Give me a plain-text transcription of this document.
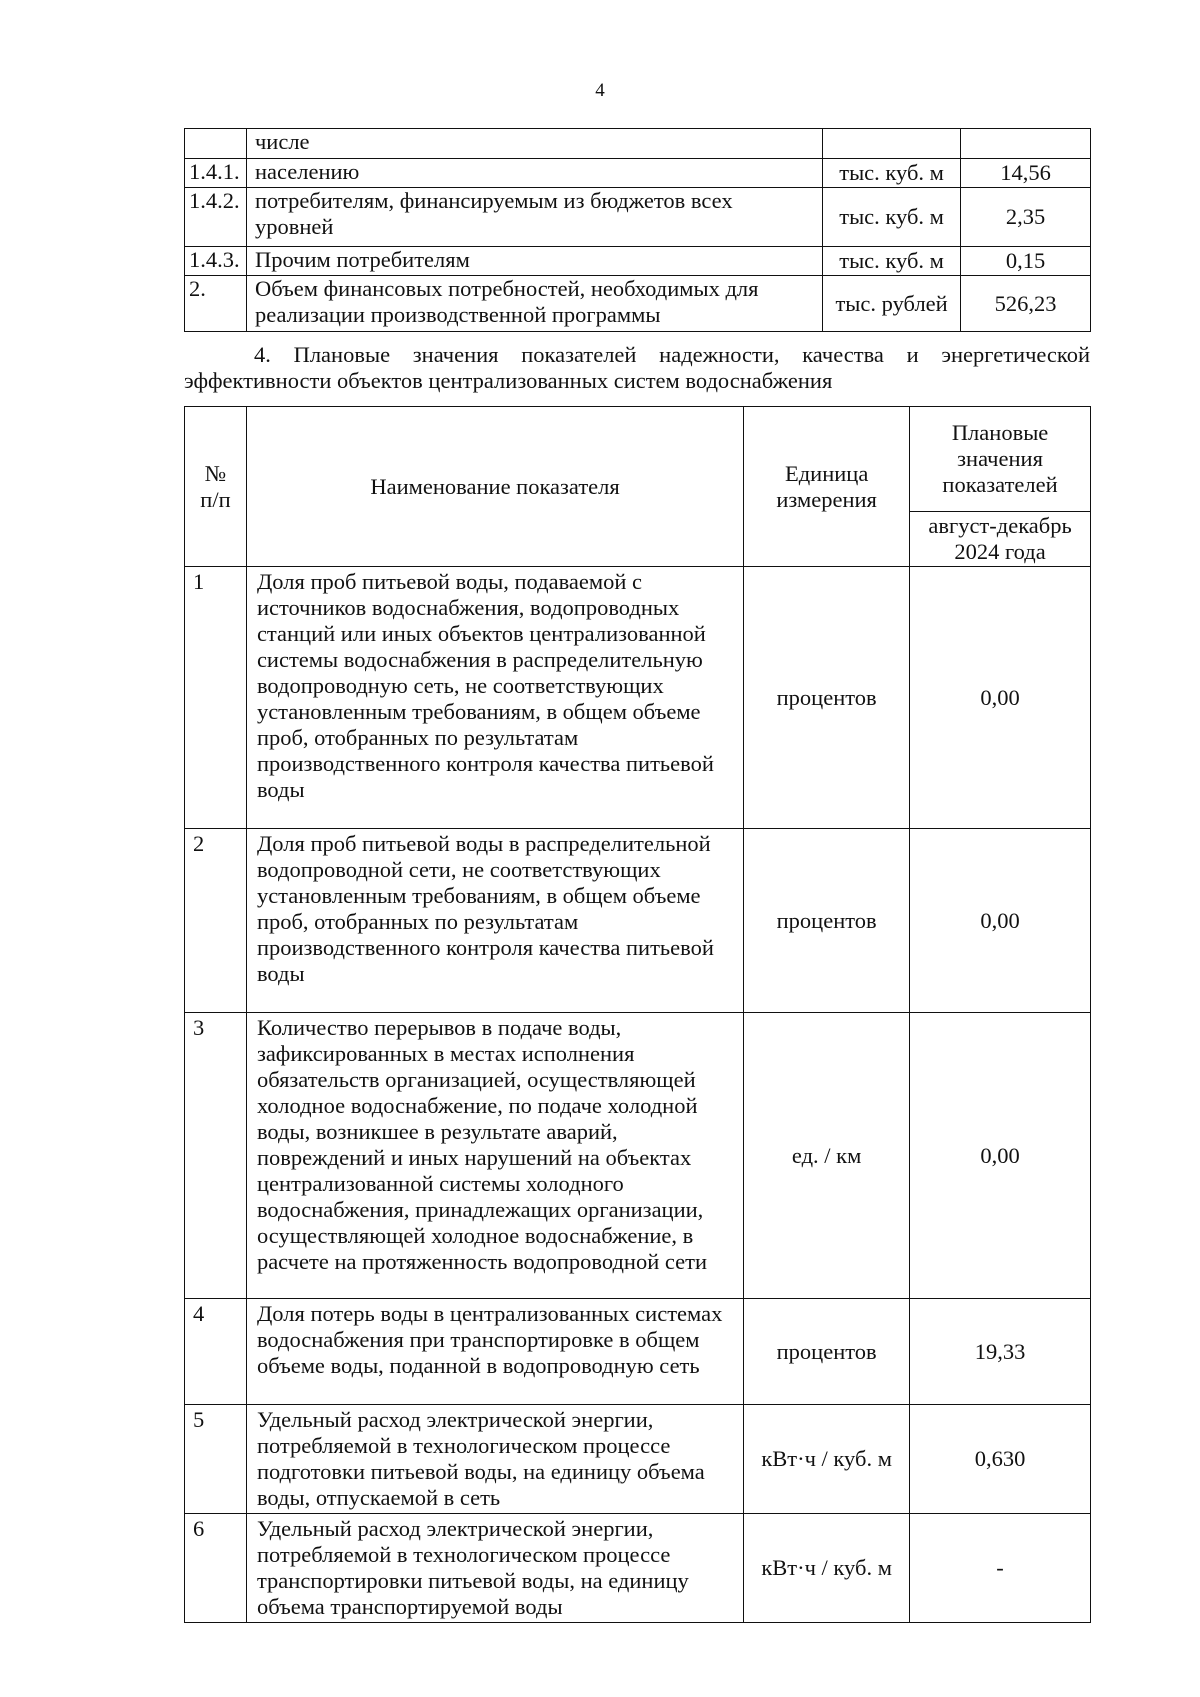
4
	числе		
1.4.1.	населению	тыс. куб. м	14,56
1.4.2.	потребителям, финансируемым из бюджетов всех уровней	тыс. куб. м	2,35
1.4.3.	Прочим потребителям	тыс. куб. м	0,15
2.	Объем финансовых потребностей, необходимых для реализации производственной программы	тыс. рублей	526,23
4. Плановые значения показателей надежности, качества и энергетической эффективности объектов централизованных систем водоснабжения
№ п/п	Наименование показателя	Единица измерения	Плановые значения показателей
			август-декабрь 2024 года
1	Доля проб питьевой воды, подаваемой с источников водоснабжения, водопроводных станций или иных объектов централизованной системы водоснабжения в распределительную водопроводную сеть, не соответствующих установленным требованиям, в общем объеме проб, отобранных по результатам производственного контроля качества питьевой воды	процентов	0,00
2	Доля проб питьевой воды в распределительной водопроводной сети, не соответствующих установленным требованиям, в общем объеме проб, отобранных по результатам производственного контроля качества питьевой воды	процентов	0,00
3	Количество перерывов в подаче воды, зафиксированных в местах исполнения обязательств организацией, осуществляющей холодное водоснабжение, по подаче холодной воды, возникшее в результате аварий, повреждений и иных нарушений на объектах централизованной системы холодного водоснабжения, принадлежащих организации, осуществляющей холодное водоснабжение, в расчете на протяженность водопроводной сети	ед. / км	0,00
4	Доля потерь воды в централизованных системах водоснабжения при транспортировке в общем объеме воды, поданной в водопроводную сеть	процентов	19,33
5	Удельный расход электрической энергии, потребляемой в технологическом процессе подготовки питьевой воды, на единицу объема воды, отпускаемой в сеть	кВт·ч / куб. м	0,630
6	Удельный расход электрической энергии, потребляемой в технологическом процессе транспортировки питьевой воды, на единицу объема транспортируемой воды	кВт·ч / куб. м	-
